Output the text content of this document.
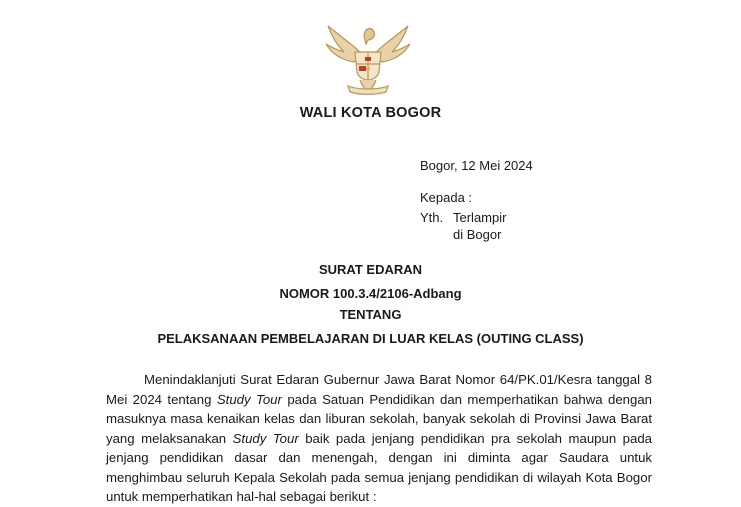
WALI KOTA BOGOR
Bogor, 12 Mei 2024
Kepada :
Yth. Terlampir
di Bogor
SURAT EDARAN
NOMOR 100.3.4/2106-Adbang
TENTANG
PELAKSANAAN PEMBELAJARAN DI LUAR KELAS (OUTING CLASS)
Menindaklanjuti Surat Edaran Gubernur Jawa Barat Nomor 64/PK.01/Kesra tanggal 8
Mei 2024 tentang Study Tour pada Satuan Pendidikan dan memperhatikan bahwa dengan
masuknya masa kenaikan kelas dan liburan sekolah, banyak sekolah di Provinsi Jawa Barat
yang melaksanakan Study Tour baik pada jenjang pendidikan pra sekolah maupun pada
jenjang pendidikan dasar dan menengah, dengan ini diminta agar Saudara untuk
menghimbau seluruh Kepala Sekolah pada semua jenjang pendidikan di wilayah Kota Bogor
untuk memperhatikan hal-hal sebagai berikut :
